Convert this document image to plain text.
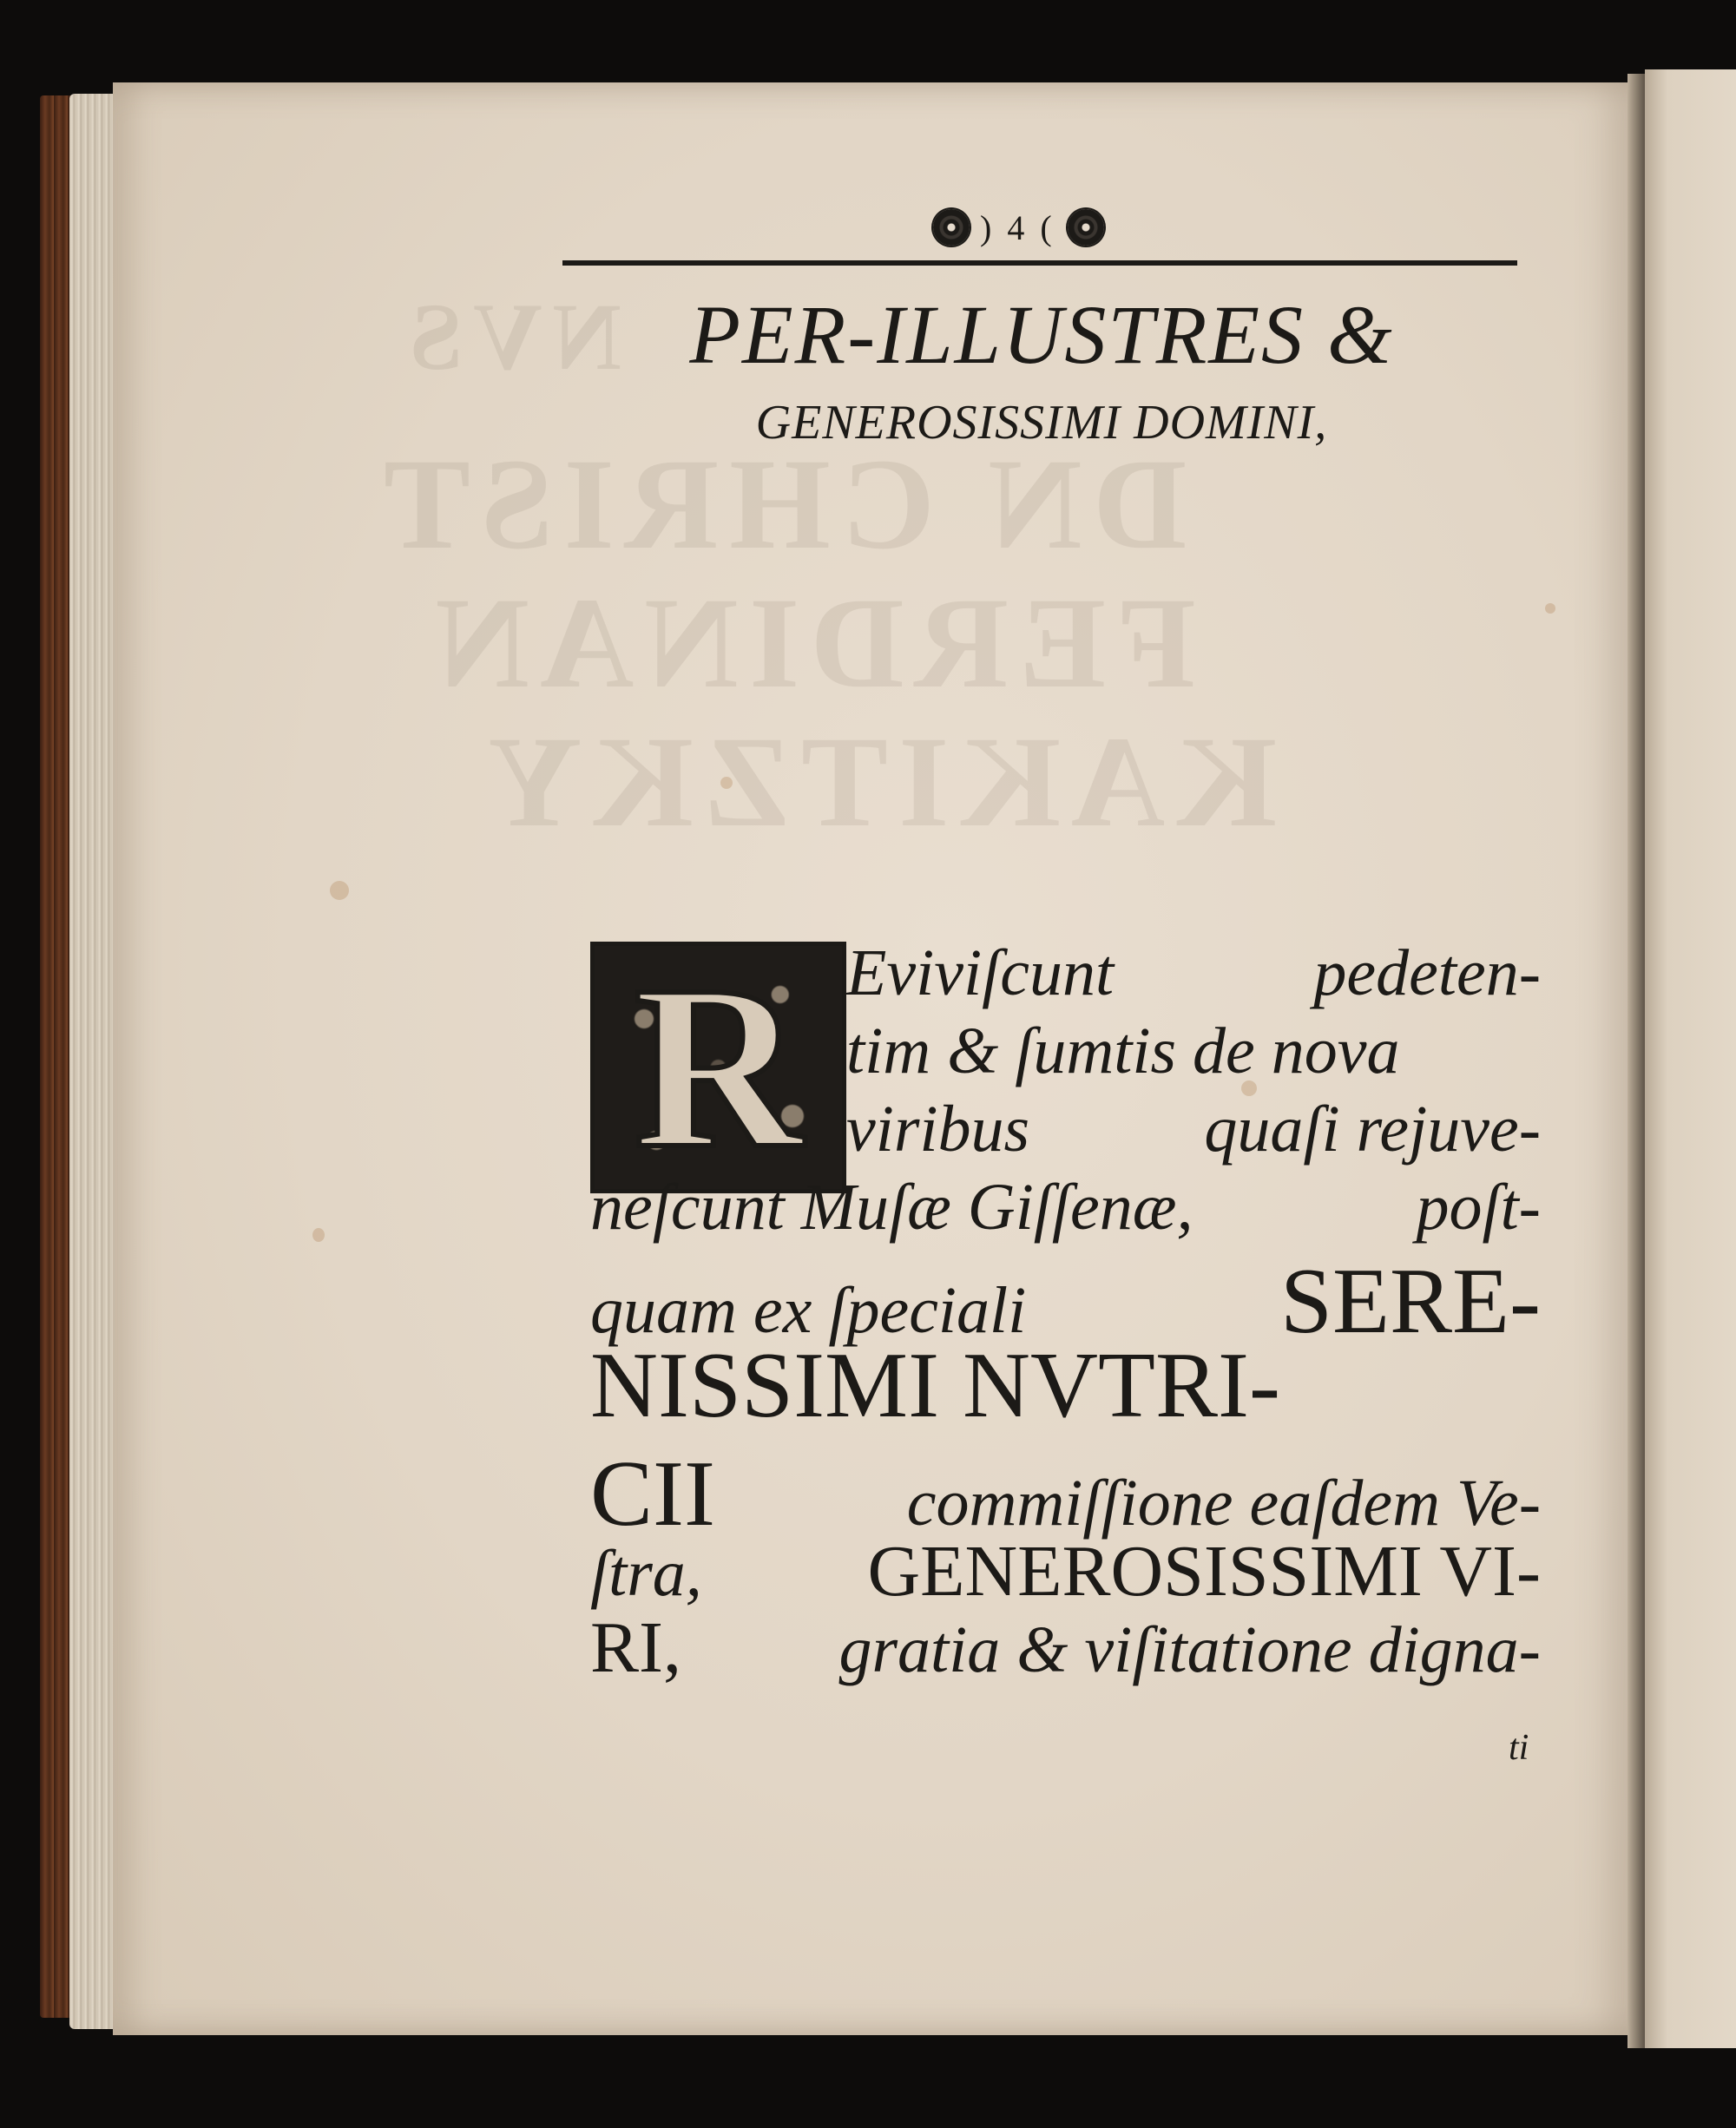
NVS
DN CHRIST
FERDINAN
KAKITZKY
) 4 (
PER-ILLUSTRES &
GENEROSISSIMI DOMINI,
R Eviviſcunt	pedeten-
tim & ſumtis de nova
viribus	quaſi rejuve-
neſcunt Muſæ Giſſenæ,	poſt-
quam ex ſpeciali	SERE-
NISSIMI NVTRI-
CII	commiſſione eaſdem Ve-
ſtra, GENEROSISSIMI VI-
RI, gratia & viſitatione digna-
ti
